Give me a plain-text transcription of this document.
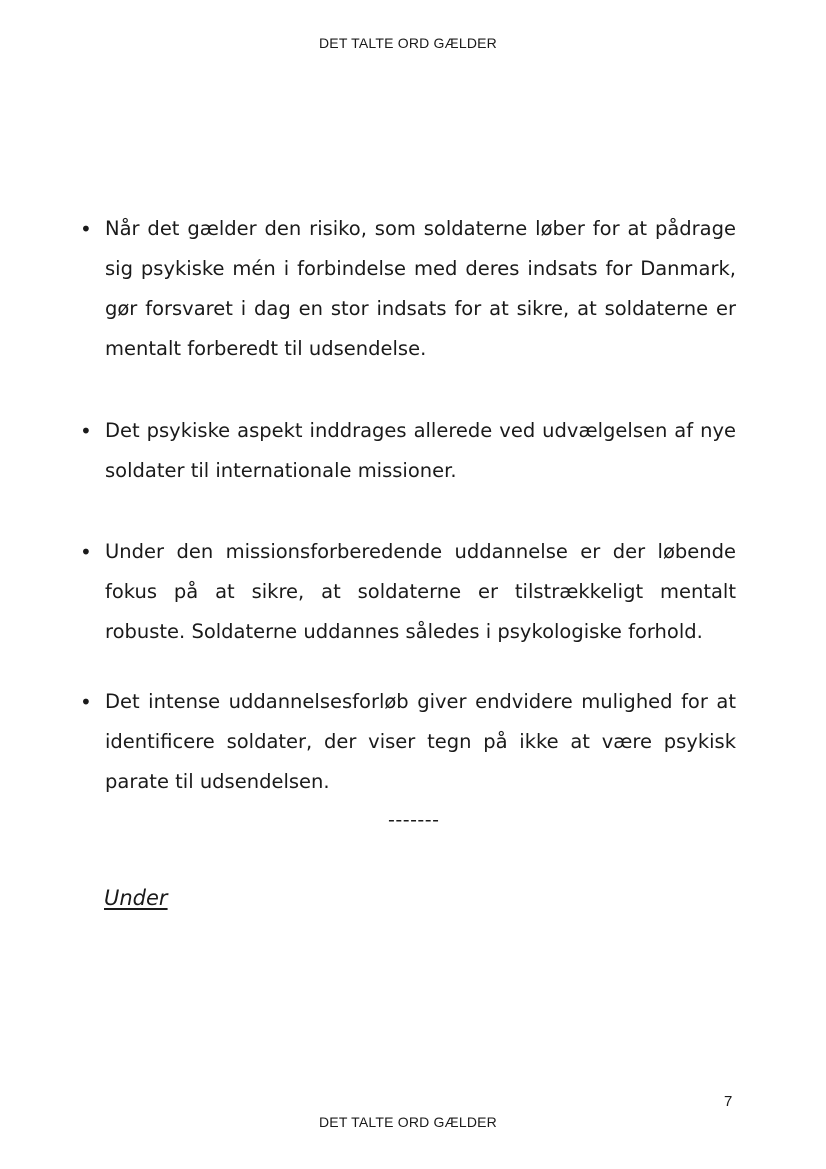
DET TALTE ORD GÆLDER
• Når det gælder den risiko, som soldaterne løber for at pådrage sig psykiske mén i forbindelse med deres indsats for Danmark, gør forsvaret i dag en stor indsats for at sikre, at soldaterne er mentalt forberedt til udsendelse.
• Det psykiske aspekt inddrages allerede ved udvælgelsen af nye soldater til internationale missioner.
• Under den missionsforberedende uddannelse er der løbende fokus på at sikre, at soldaterne er tilstrækkeligt mentalt robuste. Soldaterne uddannes således i psykologiske forhold.
• Det intense uddannelsesforløb giver endvidere mulighed for at identificere soldater, der viser tegn på ikke at være psykisk parate til udsendelsen.
-------
Under
7
DET TALTE ORD GÆLDER
